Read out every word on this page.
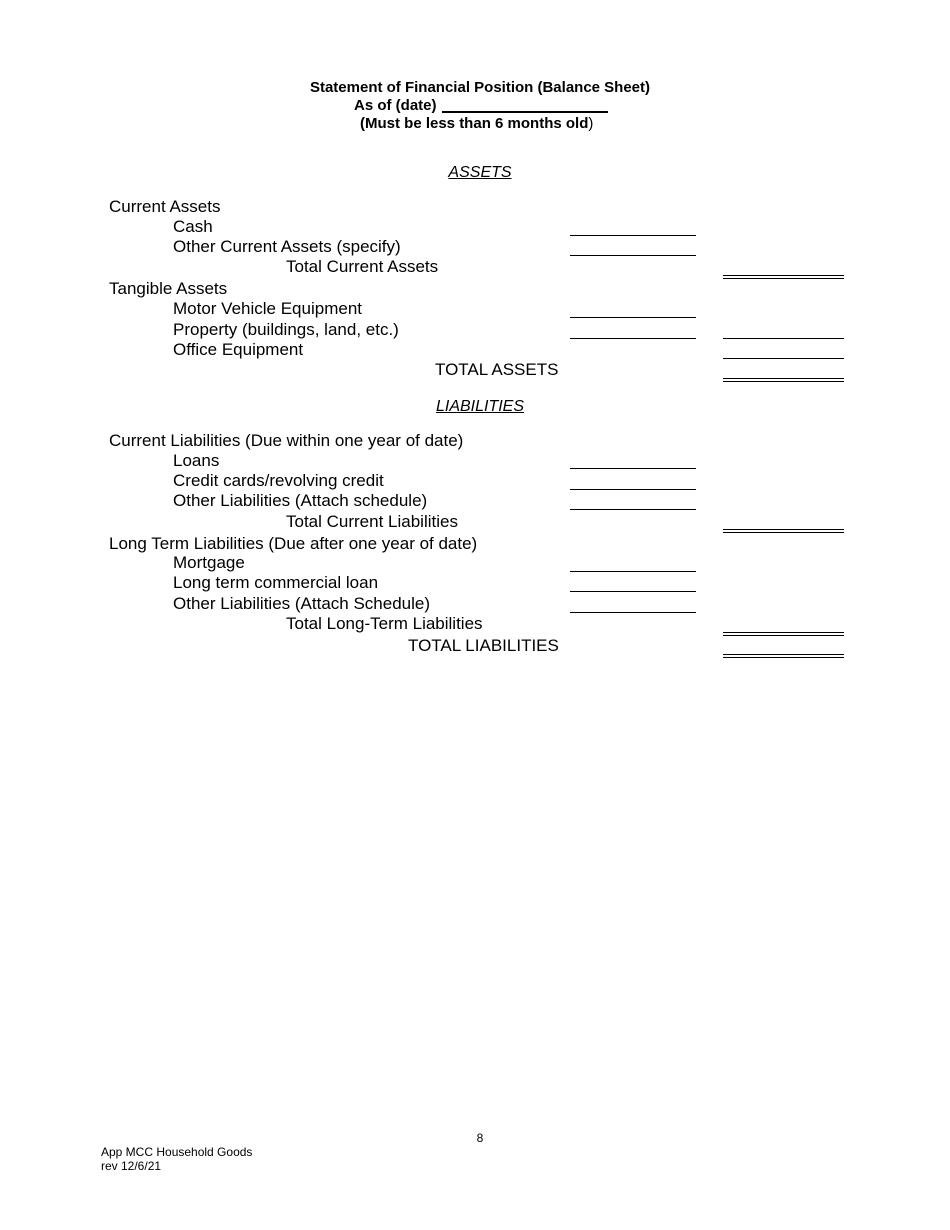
Statement of Financial Position (Balance Sheet)
As of (date)
(Must be less than 6 months old)
ASSETS
Current Assets
Cash
Other Current Assets (specify)
Total Current Assets
Tangible Assets
Motor Vehicle Equipment
Property (buildings, land, etc.)
Office Equipment
TOTAL ASSETS
LIABILITIES
Current Liabilities (Due within one year of date)
Loans
Credit cards/revolving credit
Other Liabilities (Attach schedule)
Total Current Liabilities
Long Term Liabilities (Due after one year of date)
Mortgage
Long term commercial loan
Other Liabilities (Attach Schedule)
Total Long-Term Liabilities
TOTAL LIABILITIES
8
App MCC Household Goods
rev 12/6/21
